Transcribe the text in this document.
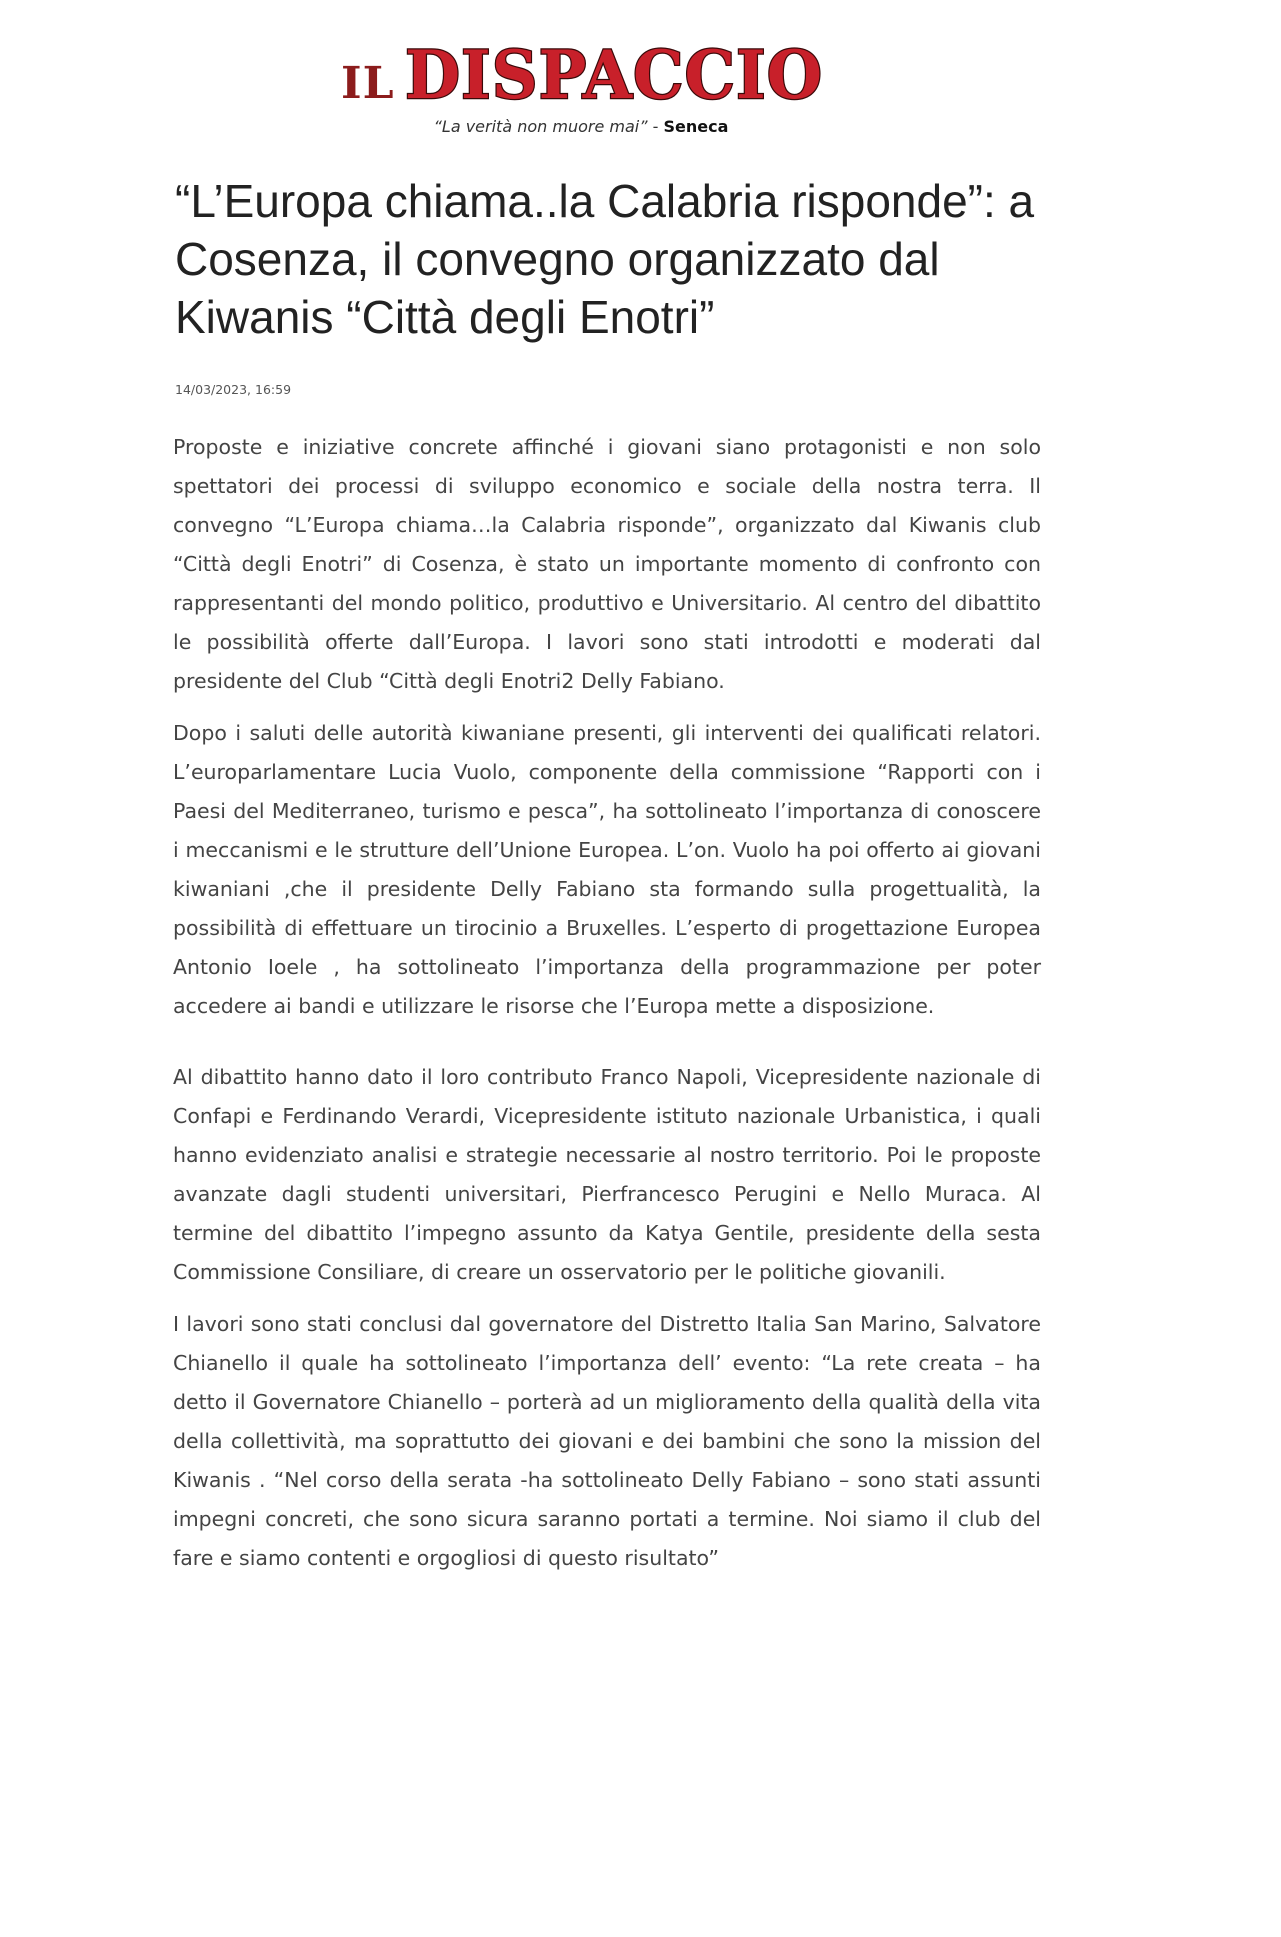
IL DISPACCIO
“La verità non muore mai” - Seneca
“L’Europa chiama..la Calabria risponde”: a Cosenza, il convegno organizzato dal Kiwanis “Città degli Enotri”
14/03/2023, 16:59

Proposte e iniziative concrete affinché i giovani siano protagonisti e non solo spettatori dei processi di sviluppo economico e sociale della nostra terra. Il convegno “L’Europa chiama…la Calabria risponde”, organizzato dal Kiwanis club “Città degli Enotri” di Cosenza, è stato un importante momento di confronto con rappresentanti del mondo politico, produttivo e Universitario. Al centro del dibattito le possibilità offerte dall’Europa. I lavori sono stati introdotti e moderati dal presidente del Club “Città degli Enotri2 Delly Fabiano.

Dopo i saluti delle autorità kiwaniane presenti, gli interventi dei qualificati relatori. L’europarlamentare Lucia Vuolo, componente della commissione “Rapporti con i Paesi del Mediterraneo, turismo e pesca”, ha sottolineato l’importanza di conoscere i meccanismi e le strutture dell’Unione Europea. L’on. Vuolo ha poi offerto ai giovani kiwaniani ,che il presidente Delly Fabiano sta formando sulla progettualità, la possibilità di effettuare un tirocinio a Bruxelles. L’esperto di progettazione Europea Antonio Ioele , ha sottolineato l’importanza della programmazione per poter accedere ai bandi e utilizzare le risorse che l’Europa mette a disposizione.

Al dibattito hanno dato il loro contributo Franco Napoli, Vicepresidente nazionale di Confapi e Ferdinando Verardi, Vicepresidente istituto nazionale Urbanistica, i quali hanno evidenziato analisi e strategie necessarie al nostro territorio. Poi le proposte avanzate dagli studenti universitari, Pierfrancesco Perugini e Nello Muraca. Al termine del dibattito l’impegno assunto da Katya Gentile, presidente della sesta Commissione Consiliare, di creare un osservatorio per le politiche giovanili.

I lavori sono stati conclusi dal governatore del Distretto Italia San Marino, Salvatore Chianello il quale ha sottolineato l’importanza dell’ evento: “La rete creata – ha detto il Governatore Chianello – porterà ad un miglioramento della qualità della vita della collettività, ma soprattutto dei giovani e dei bambini che sono la mission del Kiwanis . “Nel corso della serata -ha sottolineato Delly Fabiano – sono stati assunti impegni concreti, che sono sicura saranno portati a termine. Noi siamo il club del fare e siamo contenti e orgogliosi di questo risultato”
